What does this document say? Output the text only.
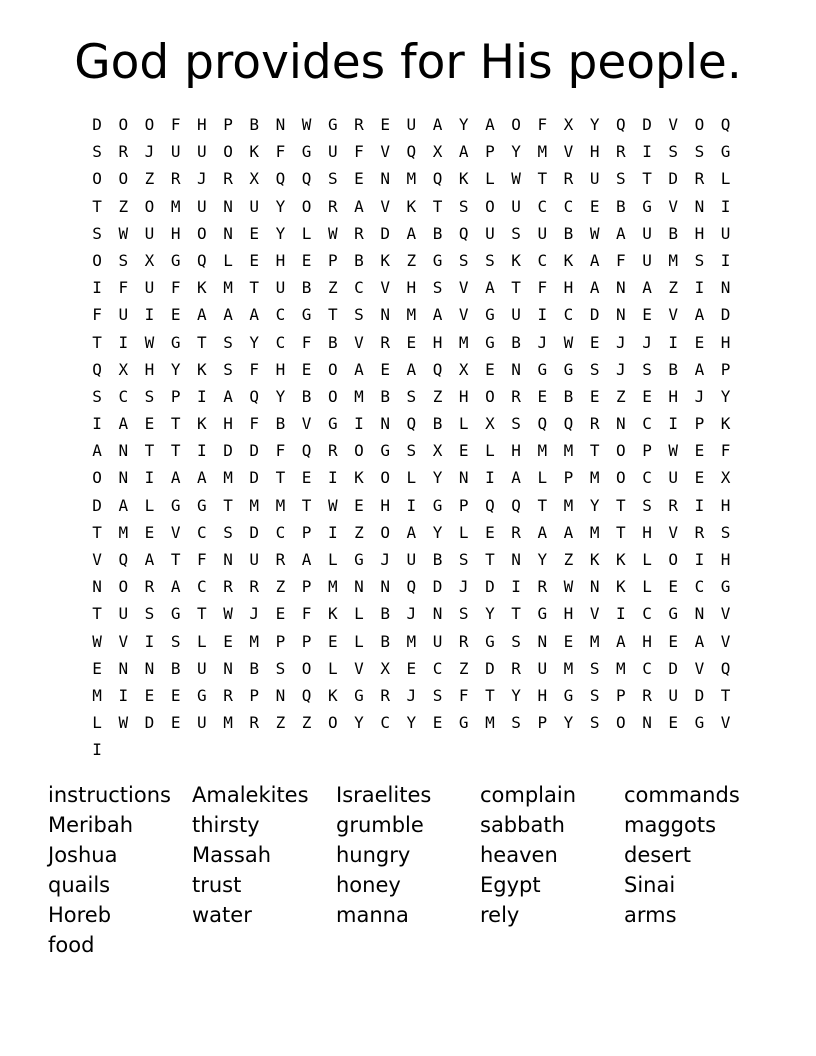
God provides for His people.
D	O	O	F	H	P	B	N	W	G	R	E	U	A	Y	A	O	F	X	Y	Q	D	V	O	Q
S	R	J	U	U	O	K	F	G	U	F	V	Q	X	A	P	Y	M	V	H	R	I	S	S	G
O	O	Z	R	J	R	X	Q	Q	S	E	N	M	Q	K	L	W	T	R	U	S	T	D	R	L
T	Z	O	M	U	N	U	Y	O	R	A	V	K	T	S	O	U	C	C	E	B	G	V	N	I
S	W	U	H	O	N	E	Y	L	W	R	D	A	B	Q	U	S	U	B	W	A	U	B	H	U
O	S	X	G	Q	L	E	H	E	P	B	K	Z	G	S	S	K	C	K	A	F	U	M	S	I
I	F	U	F	K	M	T	U	B	Z	C	V	H	S	V	A	T	F	H	A	N	A	Z	I	N
F	U	I	E	A	A	A	C	G	T	S	N	M	A	V	G	U	I	C	D	N	E	V	A	D
T	I	W	G	T	S	Y	C	F	B	V	R	E	H	M	G	B	J	W	E	J	J	I	E	H
Q	X	H	Y	K	S	F	H	E	O	A	E	A	Q	X	E	N	G	G	S	J	S	B	A	P
S	C	S	P	I	A	Q	Y	B	O	M	B	S	Z	H	O	R	E	B	E	Z	E	H	J	Y
I	A	E	T	K	H	F	B	V	G	I	N	Q	B	L	X	S	Q	Q	R	N	C	I	P	K
A	N	T	T	I	D	D	F	Q	R	O	G	S	X	E	L	H	M	M	T	O	P	W	E	F
O	N	I	A	A	M	D	T	E	I	K	O	L	Y	N	I	A	L	P	M	O	C	U	E	X
D	A	L	G	G	T	M	M	T	W	E	H	I	G	P	Q	Q	T	M	Y	T	S	R	I	H
T	M	E	V	C	S	D	C	P	I	Z	O	A	Y	L	E	R	A	A	M	T	H	V	R	S
V	Q	A	T	F	N	U	R	A	L	G	J	U	B	S	T	N	Y	Z	K	K	L	O	I	H
N	O	R	A	C	R	R	Z	P	M	N	N	Q	D	J	D	I	R	W	N	K	L	E	C	G
T	U	S	G	T	W	J	E	F	K	L	B	J	N	S	Y	T	G	H	V	I	C	G	N	V
W	V	I	S	L	E	M	P	P	E	L	B	M	U	R	G	S	N	E	M	A	H	E	A	V
E	N	N	B	U	N	B	S	O	L	V	X	E	C	Z	D	R	U	M	S	M	C	D	V	Q
M	I	E	E	G	R	P	N	Q	K	G	R	J	S	F	T	Y	H	G	S	P	R	U	D	T
L	W	D	E	U	M	R	Z	Z	O	Y	C	Y	E	G	M	S	P	Y	S	O	N	E	G	V
I
instructions	Amalekites	Israelites	complain	commands
Meribah	thirsty	grumble	sabbath	maggots
Joshua	Massah	hungry	heaven	desert
quails	trust	honey	Egypt	Sinai
Horeb	water	manna	rely	arms
food
